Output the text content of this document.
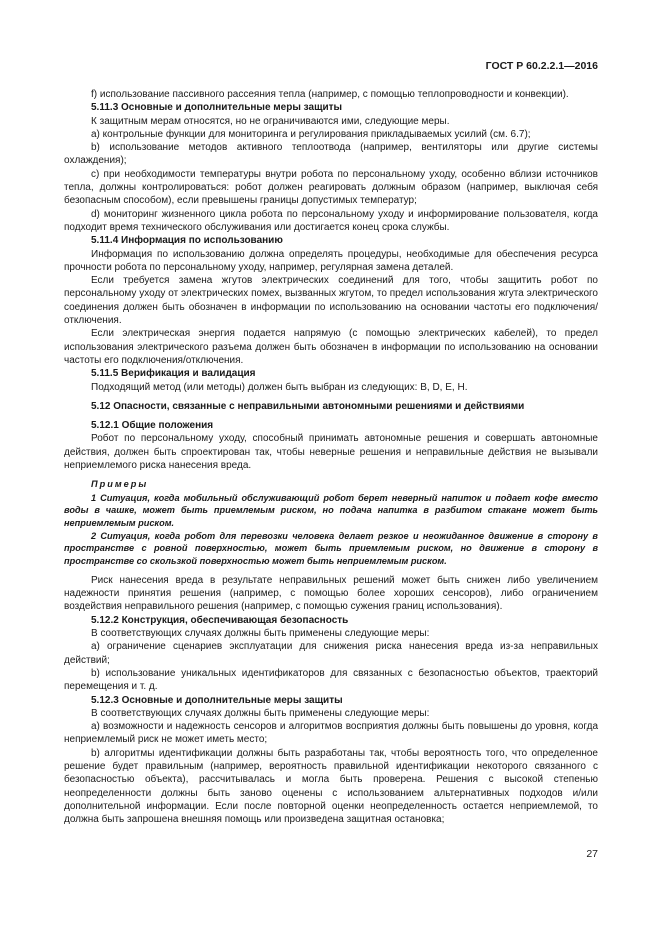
ГОСТ Р 60.2.2.1—2016

f) использование пассивного рассеяния тепла (например, с помощью теплопроводности и конвекции).

5.11.3 Основные и дополнительные меры защиты

К защитным мерам относятся, но не ограничиваются ими, следующие меры.

a) контрольные функции для мониторинга и регулирования прикладываемых усилий (см. 6.7);

b) использование методов активного теплоотвода (например, вентиляторы или другие системы охлаждения);

c) при необходимости температуры внутри робота по персональному уходу, особенно вблизи источников тепла, должны контролироваться: робот должен реагировать должным образом (например, выключая себя безопасным способом), если превышены границы допустимых температур;

d) мониторинг жизненного цикла робота по персональному уходу и информирование пользователя, когда подходит время технического обслуживания или достигается конец срока службы.

5.11.4 Информация по использованию

Информация по использованию должна определять процедуры, необходимые для обеспечения ресурса прочности робота по персональному уходу, например, регулярная замена деталей.

Если требуется замена жгутов электрических соединений для того, чтобы защитить робот по персональному уходу от электрических помех, вызванных жгутом, то предел использования жгута электрического соединения должен быть обозначен в информации по использованию на основании частоты его подключения/отключения.

Если электрическая энергия подается напрямую (с помощью электрических кабелей), то предел использования электрического разъема должен быть обозначен в информации по использованию на основании частоты его подключения/отключения.

5.11.5 Верификация и валидация

Подходящий метод (или методы) должен быть выбран из следующих: B, D, E, H.

5.12 Опасности, связанные с неправильными автономными решениями и действиями

5.12.1 Общие положения

Робот по персональному уходу, способный принимать автономные решения и совершать автономные действия, должен быть спроектирован так, чтобы неверные решения и неправильные действия не вызывали неприемлемого риска нанесения вреда.

Примеры

1 Ситуация, когда мобильный обслуживающий робот берет неверный напиток и подает кофе вместо воды в чашке, может быть приемлемым риском, но подача напитка в разбитом стакане может быть неприемлемым риском.

2 Ситуация, когда робот для перевозки человека делает резкое и неожиданное движение в сторону в пространстве с ровной поверхностью, может быть приемлемым риском, но движение в сторону в пространстве со скользкой поверхностью может быть неприемлемым риском.

Риск нанесения вреда в результате неправильных решений может быть снижен либо увеличением надежности принятия решения (например, с помощью более хороших сенсоров), либо ограничением воздействия неправильного решения (например, с помощью сужения границ использования).

5.12.2 Конструкция, обеспечивающая безопасность

В соответствующих случаях должны быть применены следующие меры:

a) ограничение сценариев эксплуатации для снижения риска нанесения вреда из-за неправильных действий;

b) использование уникальных идентификаторов для связанных с безопасностью объектов, траекторий перемещения и т. д.

5.12.3 Основные и дополнительные меры защиты

В соответствующих случаях должны быть применены следующие меры:

a) возможности и надежность сенсоров и алгоритмов восприятия должны быть повышены до уровня, когда неприемлемый риск не может иметь место;

b) алгоритмы идентификации должны быть разработаны так, чтобы вероятность того, что определенное решение будет правильным (например, вероятность правильной идентификации некоторого связанного с безопасностью объекта), рассчитывалась и могла быть проверена. Решения с высокой степенью неопределенности должны быть заново оценены с использованием альтернативных подходов и/или дополнительной информации. Если после повторной оценки неопределенность остается неприемлемой, то должна быть запрошена внешняя помощь или произведена защитная остановка;

27
